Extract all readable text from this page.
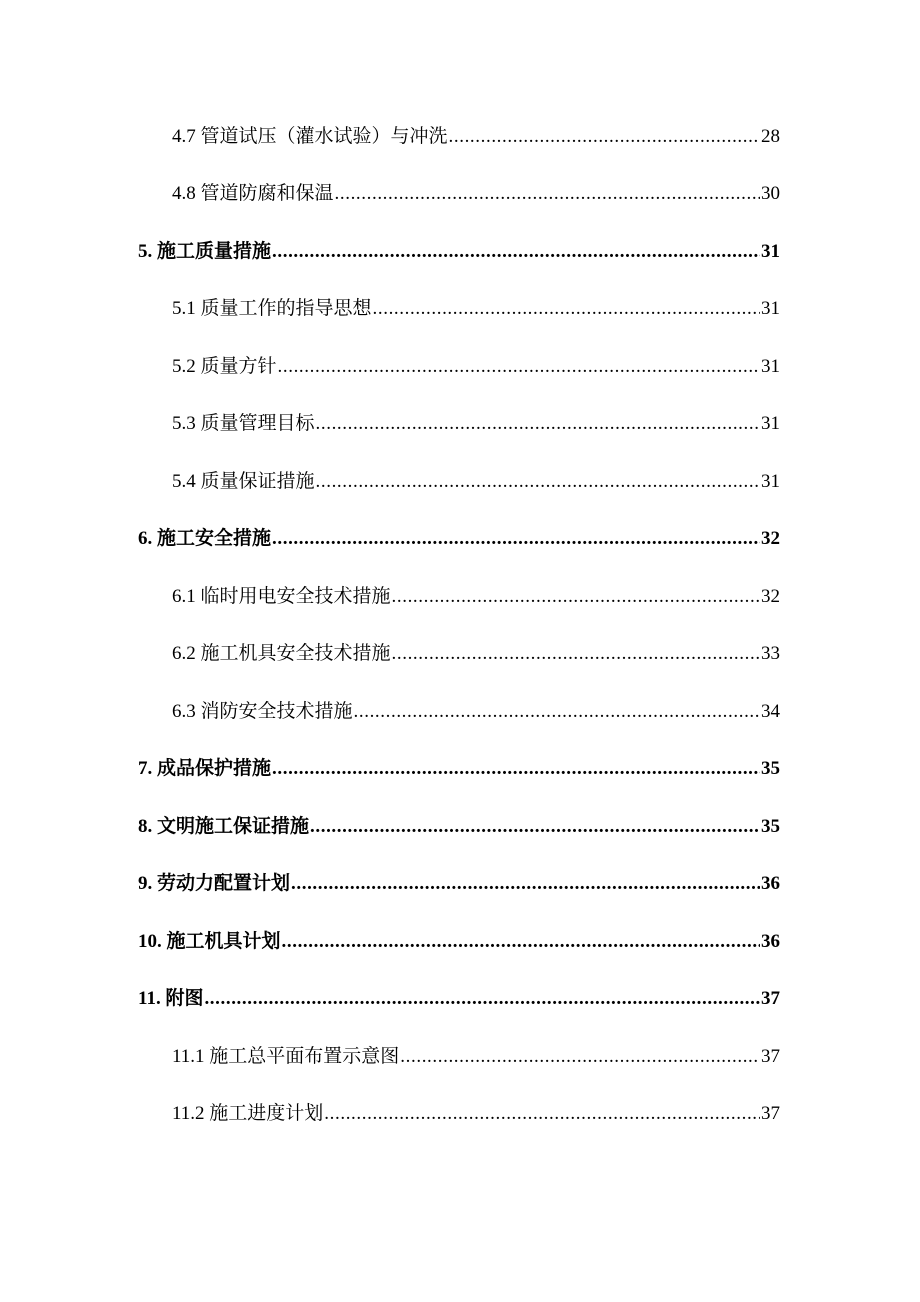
4.7 管道试压（灌水试验）与冲洗 .....	28
4.8 管道防腐和保温 .....	30
5. 施工质量措施 .....	31
5.1 质量工作的指导思想 .....	31
5.2 质量方针 .....	31
5.3 质量管理目标 .....	31
5.4 质量保证措施 .....	31
6. 施工安全措施 .....	32
6.1 临时用电安全技术措施 .....	32
6.2 施工机具安全技术措施 .....	33
6.3 消防安全技术措施 .....	34
7. 成品保护措施 .....	35
8. 文明施工保证措施 .....	35
9. 劳动力配置计划 .....	36
10. 施工机具计划 .....	36
11. 附图 .....	37
11.1 施工总平面布置示意图 .....	37
11.2 施工进度计划 .....	37
